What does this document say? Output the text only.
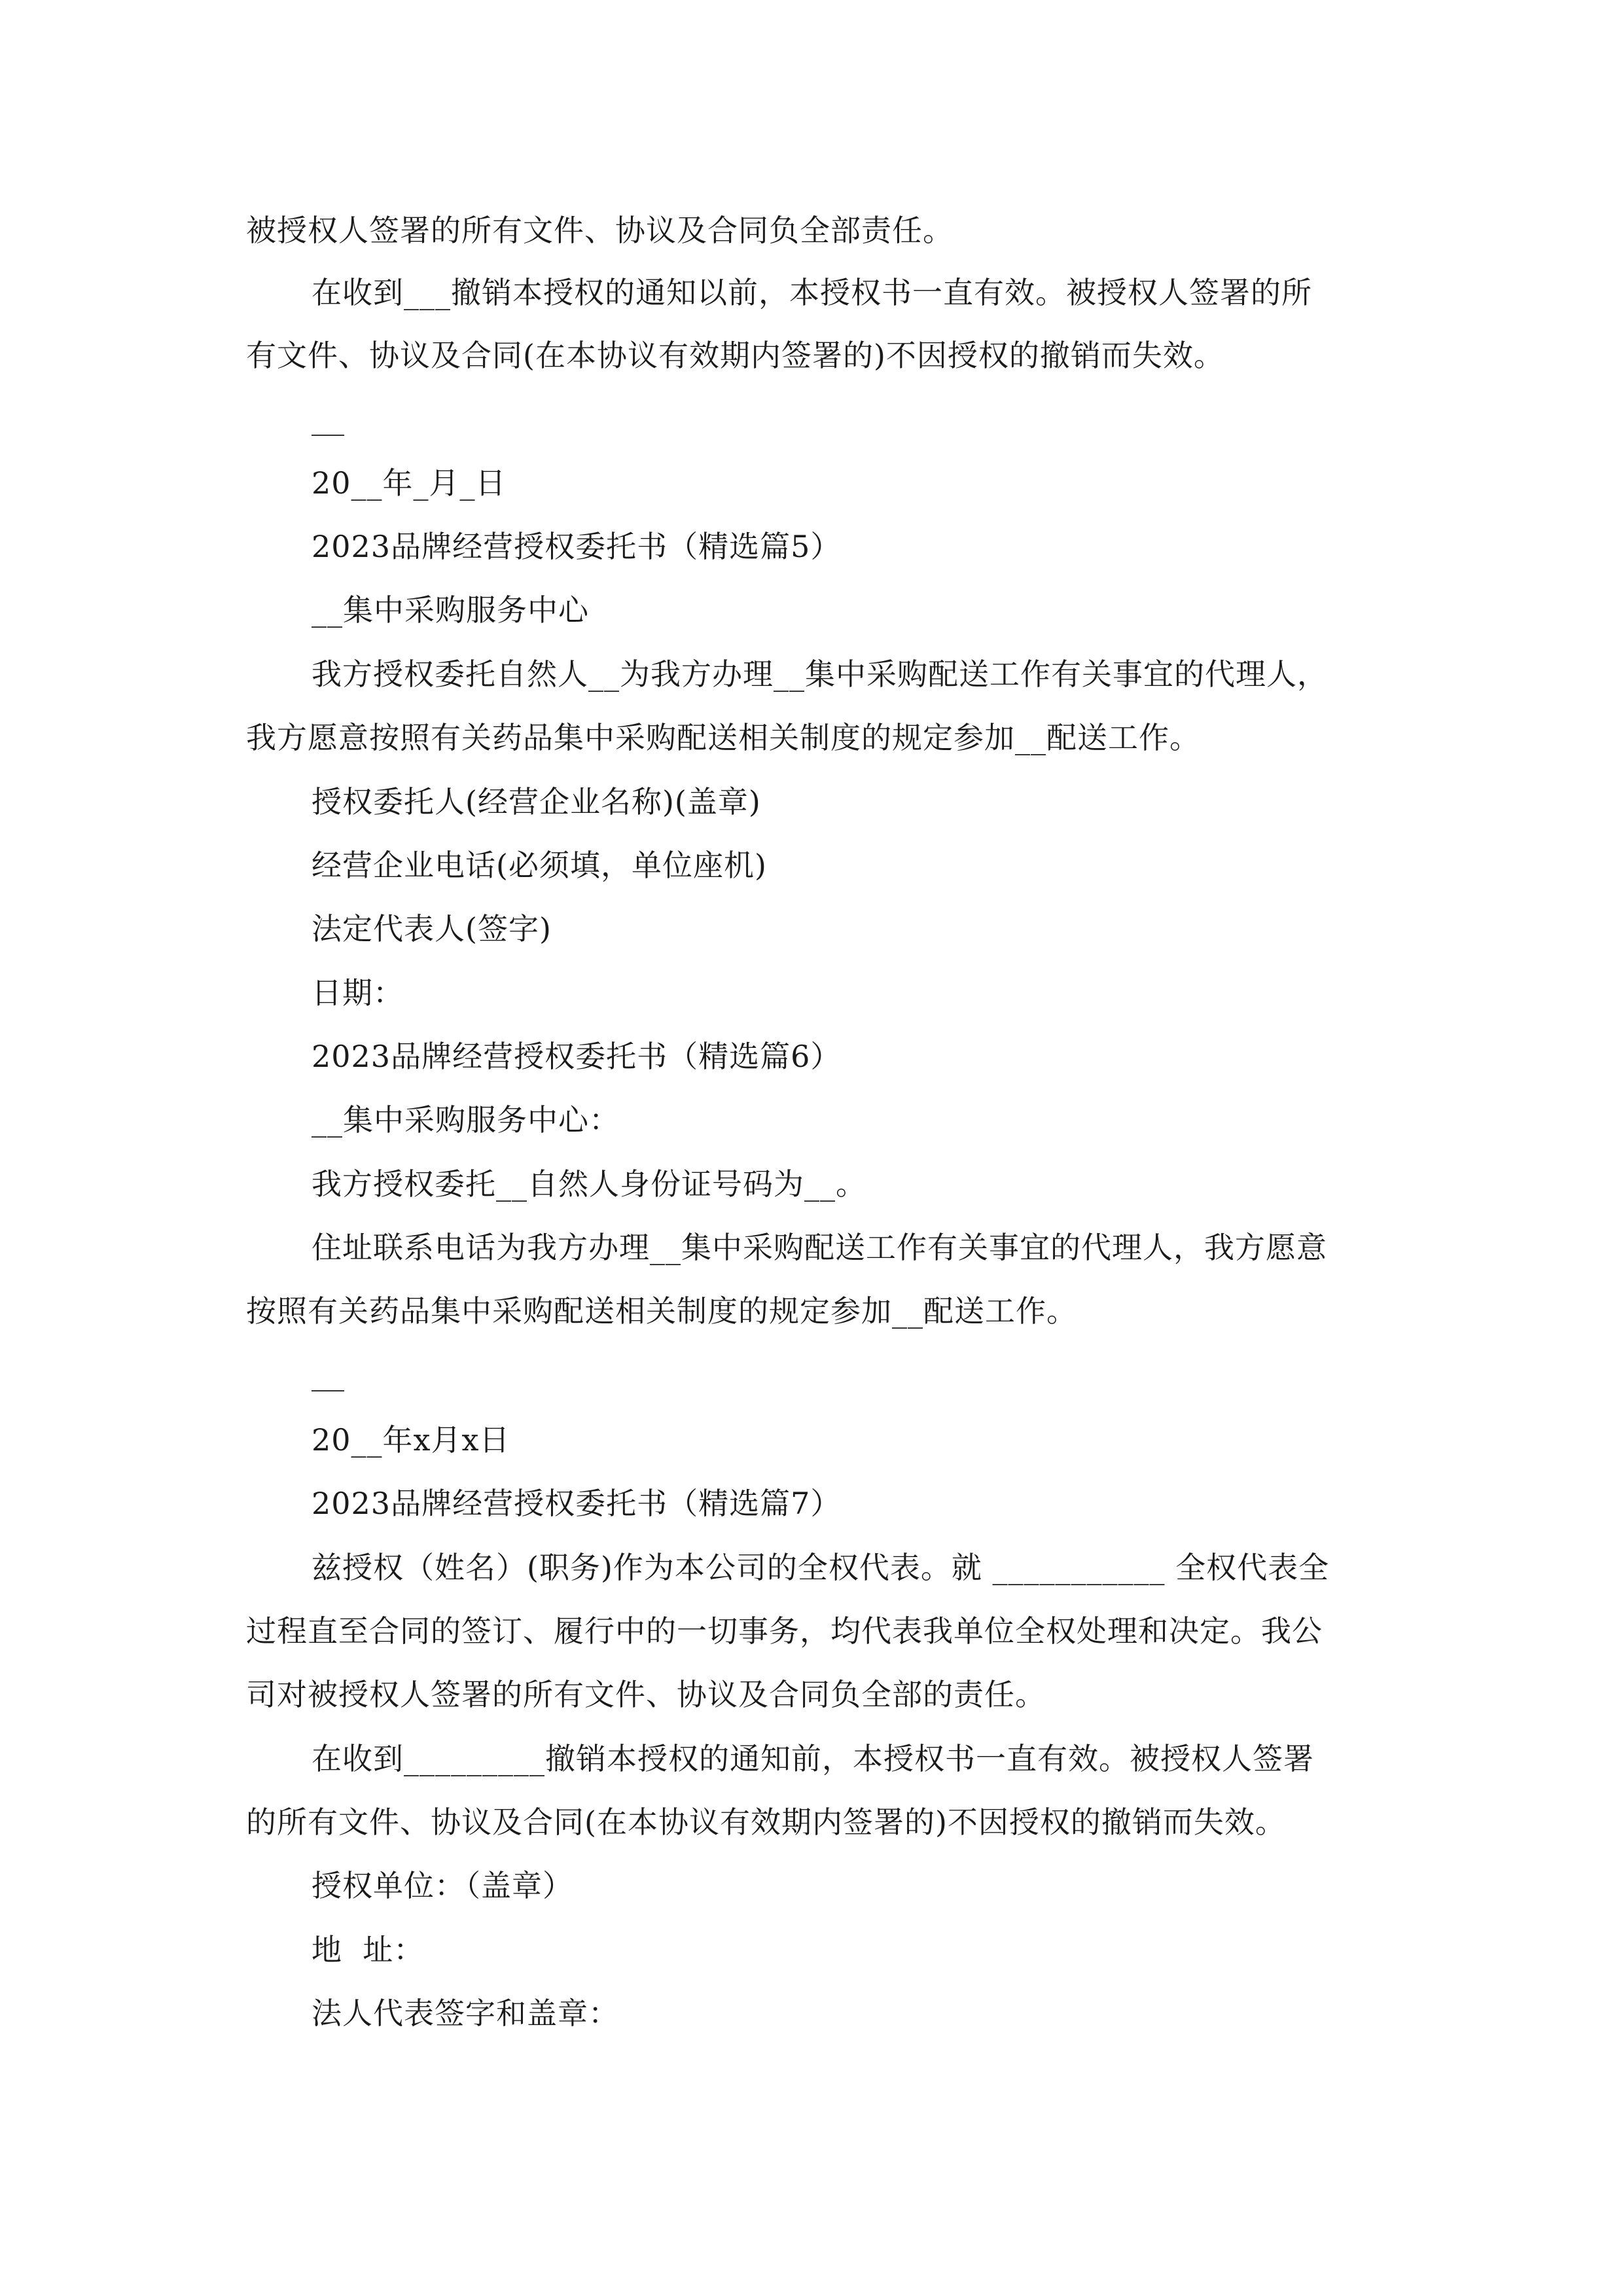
被授权人签署的所有文件、协议及合同负全部责任。
在收到___撤销本授权的通知以前，本授权书一直有效。被授权人签署的所
有文件、协议及合同(在本协议有效期内签署的)不因授权的撤销而失效。
20__年_月_日
2023品牌经营授权委托书（精选篇5）
__集中采购服务中心
我方授权委托自然人__为我方办理__集中采购配送工作有关事宜的代理人，
我方愿意按照有关药品集中采购配送相关制度的规定参加__配送工作。
授权委托人(经营企业名称)(盖章)
经营企业电话(必须填，单位座机)
法定代表人(签字)
日期：
2023品牌经营授权委托书（精选篇6）
__集中采购服务中心：
我方授权委托__自然人身份证号码为__。
住址联系电话为我方办理__集中采购配送工作有关事宜的代理人，我方愿意
按照有关药品集中采购配送相关制度的规定参加__配送工作。
20__年x月x日
2023品牌经营授权委托书（精选篇7）
兹授权（姓名）(职务)作为本公司的全权代表。就 ___________ 全权代表全
过程直至合同的签订、履行中的一切事务，均代表我单位全权处理和决定。我公
司对被授权人签署的所有文件、协议及合同负全部的责任。
在收到_________撤销本授权的通知前，本授权书一直有效。被授权人签署
的所有文件、协议及合同(在本协议有效期内签署的)不因授权的撤销而失效。
授权单位：（盖章）
地  址：
法人代表签字和盖章：
